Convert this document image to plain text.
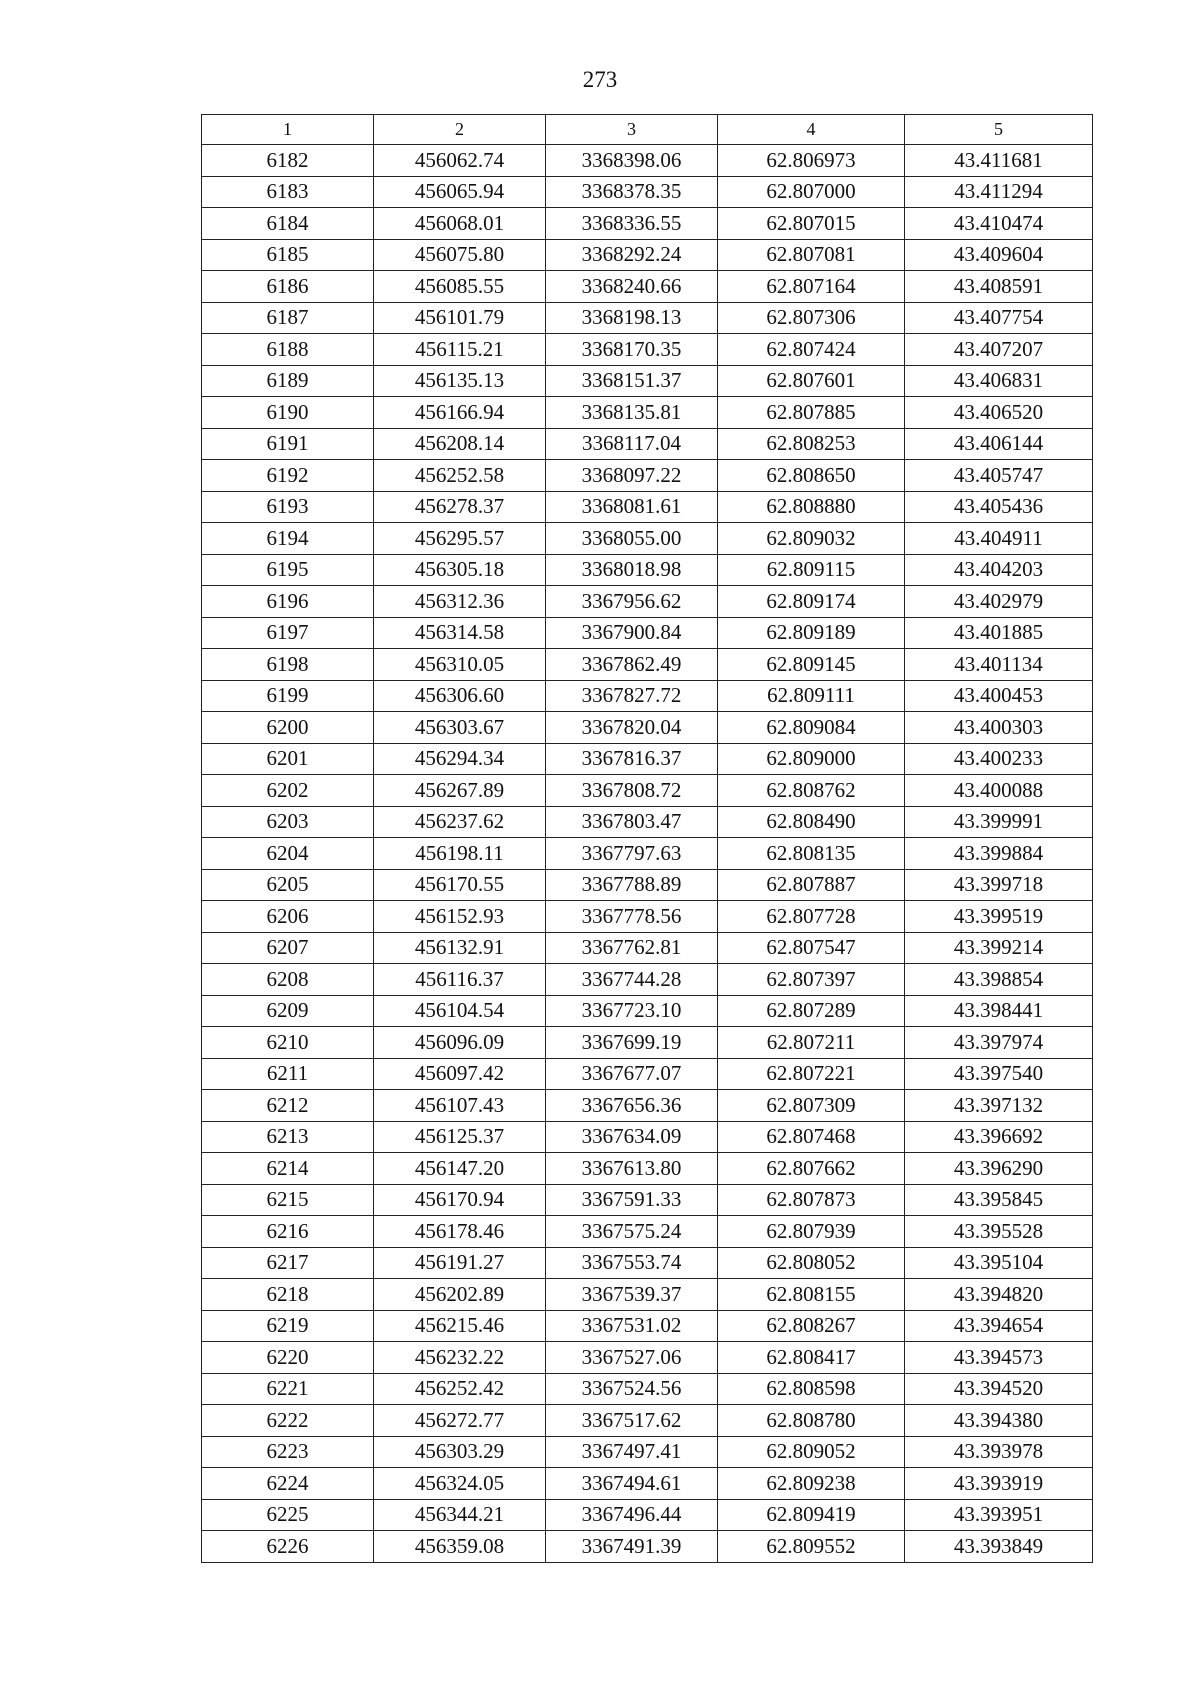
273
1	2	3	4	5
6182	456062.74	3368398.06	62.806973	43.411681
6183	456065.94	3368378.35	62.807000	43.411294
6184	456068.01	3368336.55	62.807015	43.410474
6185	456075.80	3368292.24	62.807081	43.409604
6186	456085.55	3368240.66	62.807164	43.408591
6187	456101.79	3368198.13	62.807306	43.407754
6188	456115.21	3368170.35	62.807424	43.407207
6189	456135.13	3368151.37	62.807601	43.406831
6190	456166.94	3368135.81	62.807885	43.406520
6191	456208.14	3368117.04	62.808253	43.406144
6192	456252.58	3368097.22	62.808650	43.405747
6193	456278.37	3368081.61	62.808880	43.405436
6194	456295.57	3368055.00	62.809032	43.404911
6195	456305.18	3368018.98	62.809115	43.404203
6196	456312.36	3367956.62	62.809174	43.402979
6197	456314.58	3367900.84	62.809189	43.401885
6198	456310.05	3367862.49	62.809145	43.401134
6199	456306.60	3367827.72	62.809111	43.400453
6200	456303.67	3367820.04	62.809084	43.400303
6201	456294.34	3367816.37	62.809000	43.400233
6202	456267.89	3367808.72	62.808762	43.400088
6203	456237.62	3367803.47	62.808490	43.399991
6204	456198.11	3367797.63	62.808135	43.399884
6205	456170.55	3367788.89	62.807887	43.399718
6206	456152.93	3367778.56	62.807728	43.399519
6207	456132.91	3367762.81	62.807547	43.399214
6208	456116.37	3367744.28	62.807397	43.398854
6209	456104.54	3367723.10	62.807289	43.398441
6210	456096.09	3367699.19	62.807211	43.397974
6211	456097.42	3367677.07	62.807221	43.397540
6212	456107.43	3367656.36	62.807309	43.397132
6213	456125.37	3367634.09	62.807468	43.396692
6214	456147.20	3367613.80	62.807662	43.396290
6215	456170.94	3367591.33	62.807873	43.395845
6216	456178.46	3367575.24	62.807939	43.395528
6217	456191.27	3367553.74	62.808052	43.395104
6218	456202.89	3367539.37	62.808155	43.394820
6219	456215.46	3367531.02	62.808267	43.394654
6220	456232.22	3367527.06	62.808417	43.394573
6221	456252.42	3367524.56	62.808598	43.394520
6222	456272.77	3367517.62	62.808780	43.394380
6223	456303.29	3367497.41	62.809052	43.393978
6224	456324.05	3367494.61	62.809238	43.393919
6225	456344.21	3367496.44	62.809419	43.393951
6226	456359.08	3367491.39	62.809552	43.393849
